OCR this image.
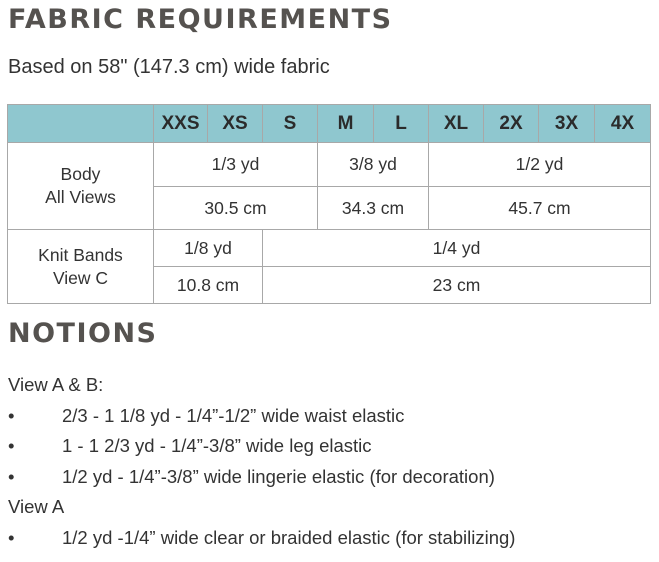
FABRIC REQUIREMENTS
Based on 58" (147.3 cm) wide fabric
	XXS	XS	S	M	L	XL	2X	3X	4X

Body
All Views	1/3 yd			3/8 yd		1/2 yd			
	30.5 cm			34.3 cm		45.7 cm			

Knit Bands
View C	1/8 yd		1/4 yd						
	10.8 cm		23 cm						
NOTIONS
View A & B:
•	2/3 - 1 1/8 yd - 1/4”-1/2” wide waist elastic
•	1 - 1 2/3 yd - 1/4”-3/8” wide leg elastic
•	1/2 yd - 1/4”-3/8” wide lingerie elastic (for decoration)
View A
•	1/2 yd -1/4” wide clear or braided elastic (for stabilizing)
